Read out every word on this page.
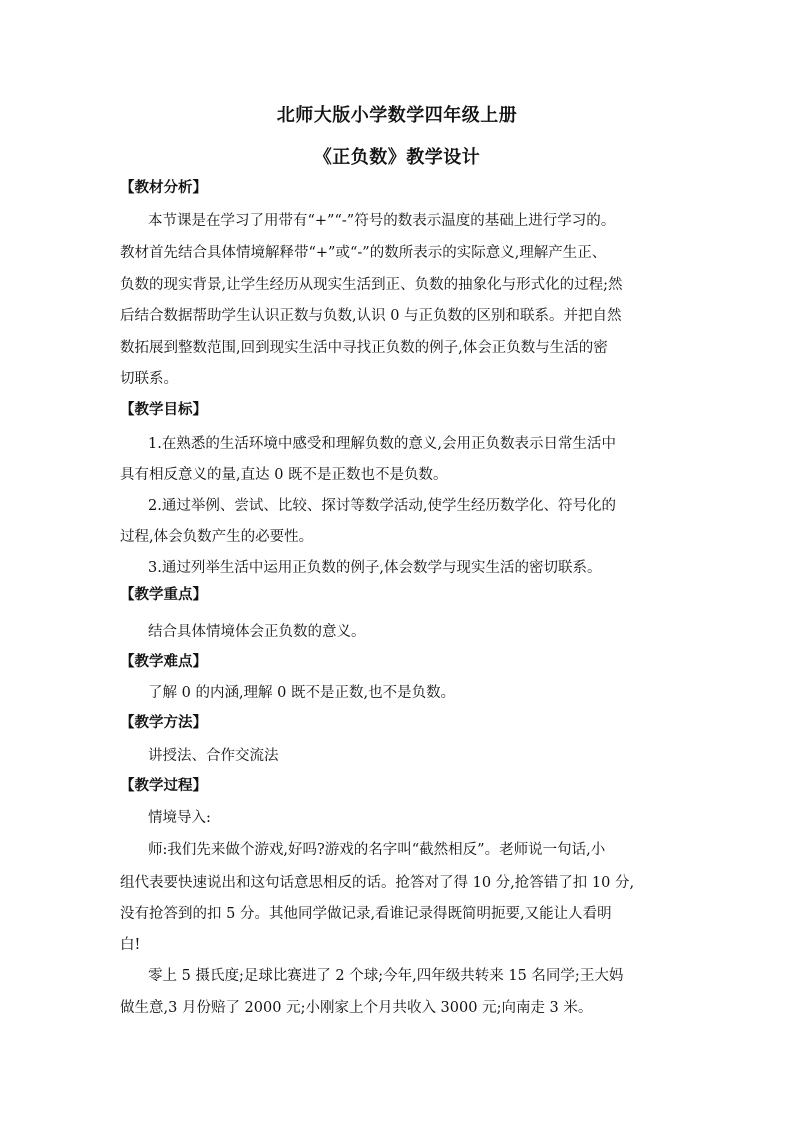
北师大版小学数学四年级上册
《正负数》教学设计
【教材分析】
本节课是在学习了用带有“+”“-”符号的数表示温度的基础上进行学习的。
教材首先结合具体情境解释带“+”或“-”的数所表示的实际意义,理解产生正、
负数的现实背景,让学生经历从现实生活到正、负数的抽象化与形式化的过程;然
后结合数据帮助学生认识正数与负数,认识 0 与正负数的区别和联系。并把自然
数拓展到整数范围,回到现实生活中寻找正负数的例子,体会正负数与生活的密
切联系。
【教学目标】
1.在熟悉的生活环境中感受和理解负数的意义,会用正负数表示日常生活中
具有相反意义的量,直达 0 既不是正数也不是负数。
2.通过举例、尝试、比较、探讨等数学活动,使学生经历数学化、符号化的
过程,体会负数产生的必要性。
3.通过列举生活中运用正负数的例子,体会数学与现实生活的密切联系。
【教学重点】
结合具体情境体会正负数的意义。
【教学难点】
了解 0 的内涵,理解 0 既不是正数,也不是负数。
【教学方法】
讲授法、合作交流法
【教学过程】
情境导入:
师:我们先来做个游戏,好吗?游戏的名字叫“截然相反”。老师说一句话,小
组代表要快速说出和这句话意思相反的话。抢答对了得 10 分,抢答错了扣 10 分,
没有抢答到的扣 5 分。其他同学做记录,看谁记录得既简明扼要,又能让人看明
白!
零上 5 摄氏度;足球比赛进了 2 个球;今年,四年级共转来 15 名同学;王大妈
做生意,3 月份赔了 2000 元;小刚家上个月共收入 3000 元;向南走 3 米。
